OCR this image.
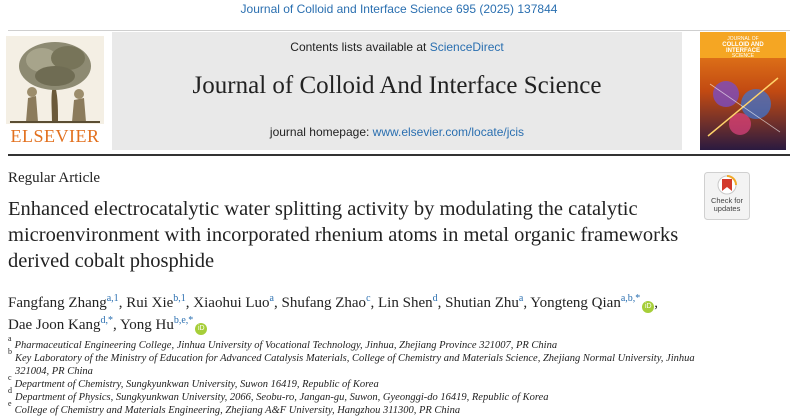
Journal of Colloid and Interface Science 695 (2025) 137844
ELSEVIER
Contents lists available at ScienceDirect
Journal of Colloid And Interface Science
journal homepage: www.elsevier.com/locate/jcis
JOURNAL OF
COLLOID AND
INTERFACE
SCIENCE
Regular Article
Check for
updates
Enhanced electrocatalytic water splitting activity by modulating the catalytic microenvironment with incorporated rhenium atoms in metal organic frameworks derived cobalt phosphide
Fangfang Zhang$^{a,1}$, Rui Xie$^{b,1}$, Xiaohui Luo$^a$, Shufang Zhao$^c$, Lin Shen$^d$, Shutian Zhu$^a$, Yongteng Qian$^{a,b,*}$iD , Dae Joon Kang$^{d,*}$, Yong Hu$^{b,e,*}$iD
a
Pharmaceutical Engineering College, Jinhua University of Vocational Technology, Jinhua, Zhejiang Province 321007, PR China
b
Key Laboratory of the Ministry of Education for Advanced Catalysis Materials, College of Chemistry and Materials Science, Zhejiang Normal University, Jinhua 321004, PR China
c
Department of Chemistry, Sungkyunkwan University, Suwon 16419, Republic of Korea
d
Department of Physics, Sungkyunkwan University, 2066, Seobu-ro, Jangan-gu, Suwon, Gyeonggi-do 16419, Republic of Korea
e
College of Chemistry and Materials Engineering, Zhejiang A&F University, Hangzhou 311300, PR China
